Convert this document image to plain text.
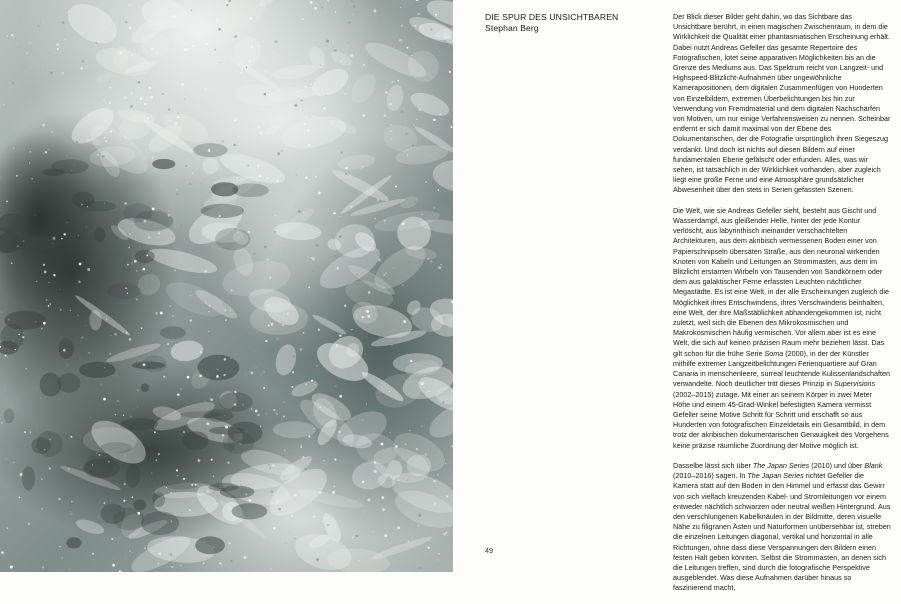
DIE SPUR DES UNSICHTBAREN
Stephan Berg
49

Der Blick dieser Bilder geht dahin, wo das Sichtbare das Unsichtbare berührt, in einen magischen Zwischenraum, in dem die Wirklichkeit die Qualität einer phantasmatischen Erscheinung erhält. Dabei nutzt Andreas Gefeller das gesamte Repertoire des Fotografischen, lotet seine apparativen Möglichkeiten bis an die Grenze des Mediums aus. Das Spektrum reicht von Langzeit- und Highspeed-Blitzlicht-Aufnahmen über ungewöhnliche Kamerapositionen, dem digitalen Zusammenfügen von Hunderten von Einzelbildern, extremen Überbelichtungen bis hin zur Verwendung von Fremdmaterial und dem digitalen Nachschärfen von Motiven, um nur einige Verfahrensweisen zu nennen. Scheinbar entfernt er sich damit maximal von der Ebene des Dokumentarischen, der die Fotografie ursprünglich ihren Siegeszug verdankt. Und doch ist nichts auf diesen Bildern auf einer fundamentalen Ebene gefälscht oder erfunden. Alles, was wir sehen, ist tatsächlich in der Wirklichkeit vorhanden, aber zugleich liegt eine große Ferne und eine Atmosphäre grundsätzlicher Abwesenheit über den stets in Serien gefassten Szenen.

Die Welt, wie sie Andreas Gefeller sieht, besteht aus Gischt und Wasserdampf, aus gleißender Helle, hinter der jede Kontur verlöscht, aus labyrinthisch ineinander verschachtelten Architekturen, aus dem akribisch vermessenen Boden einer von Papierschnipseln übersäten Straße, aus den neuronal wirkenden Knoten von Kabeln und Leitungen an Strommasten, aus dem im Blitzlicht erstarrten Wirbeln von Tausenden von Sandkörnern oder dem aus galaktischer Ferne erfassten Leuchten nächtlicher Megastädte. Es ist eine Welt, in der alle Erscheinungen zugleich die Möglichkeit ihres Entschwindens, ihres Verschwindens beinhalten, eine Welt, der ihre Maßstäblichkeit abhandengekommen ist, nicht zuletzt, weil sich die Ebenen des Mikrokosmischen und Makrokosmischen häufig vermischen. Vor allem aber ist es eine Welt, die sich auf keinen präzisen Raum mehr beziehen lässt. Das gilt schon für die frühe Serie Soma (2000), in der der Künstler mithilfe extremer Langzeitbelichtungen Ferienquartiere auf Gran Canaria in menschenleere, surreal leuchtende Kulissenlandschaften verwandelte. Noch deutlicher tritt dieses Prinzip in Supervisions (2002–2015) zutage. Mit einer an seinem Körper in zwei Meter Höhe und einem 45-Grad-Winkel befestigten Kamera vermisst Gefeller seine Motive Schritt für Schritt und erschafft so aus Hunderten von fotografischen Einzeldetails ein Gesamtbild, in dem trotz der akribischen dokumentarischen Genauigkeit des Vorgehens keine präzise räumliche Zuordnung der Motive möglich ist.

Dasselbe lässt sich über The Japan Series (2010) und über Blank (2010–2016) sagen. In The Japan Series richtet Gefeller die Kamera statt auf den Boden in den Himmel und erfasst das Gewirr von sich vielfach kreuzenden Kabel- und Stromleitungen vor einem entweder nächtlich schwarzen oder neutral weißen Hintergrund. Aus den verschlungenen Kabelknäulen in der Bildmitte, deren visuelle Nähe zu filigranen Ästen und Naturformen unübersehbar ist, streben die einzelnen Leitungen diagonal, vertikal und horizontal in alle Richtungen, ohne dass diese Verspannungen den Bildern einen festen Halt geben könnten. Selbst die Strommasten, an denen sich die Leitungen treffen, sind durch die fotografische Perspektive ausgeblendet. Was diese Aufnahmen darüber hinaus so faszinierend macht,
